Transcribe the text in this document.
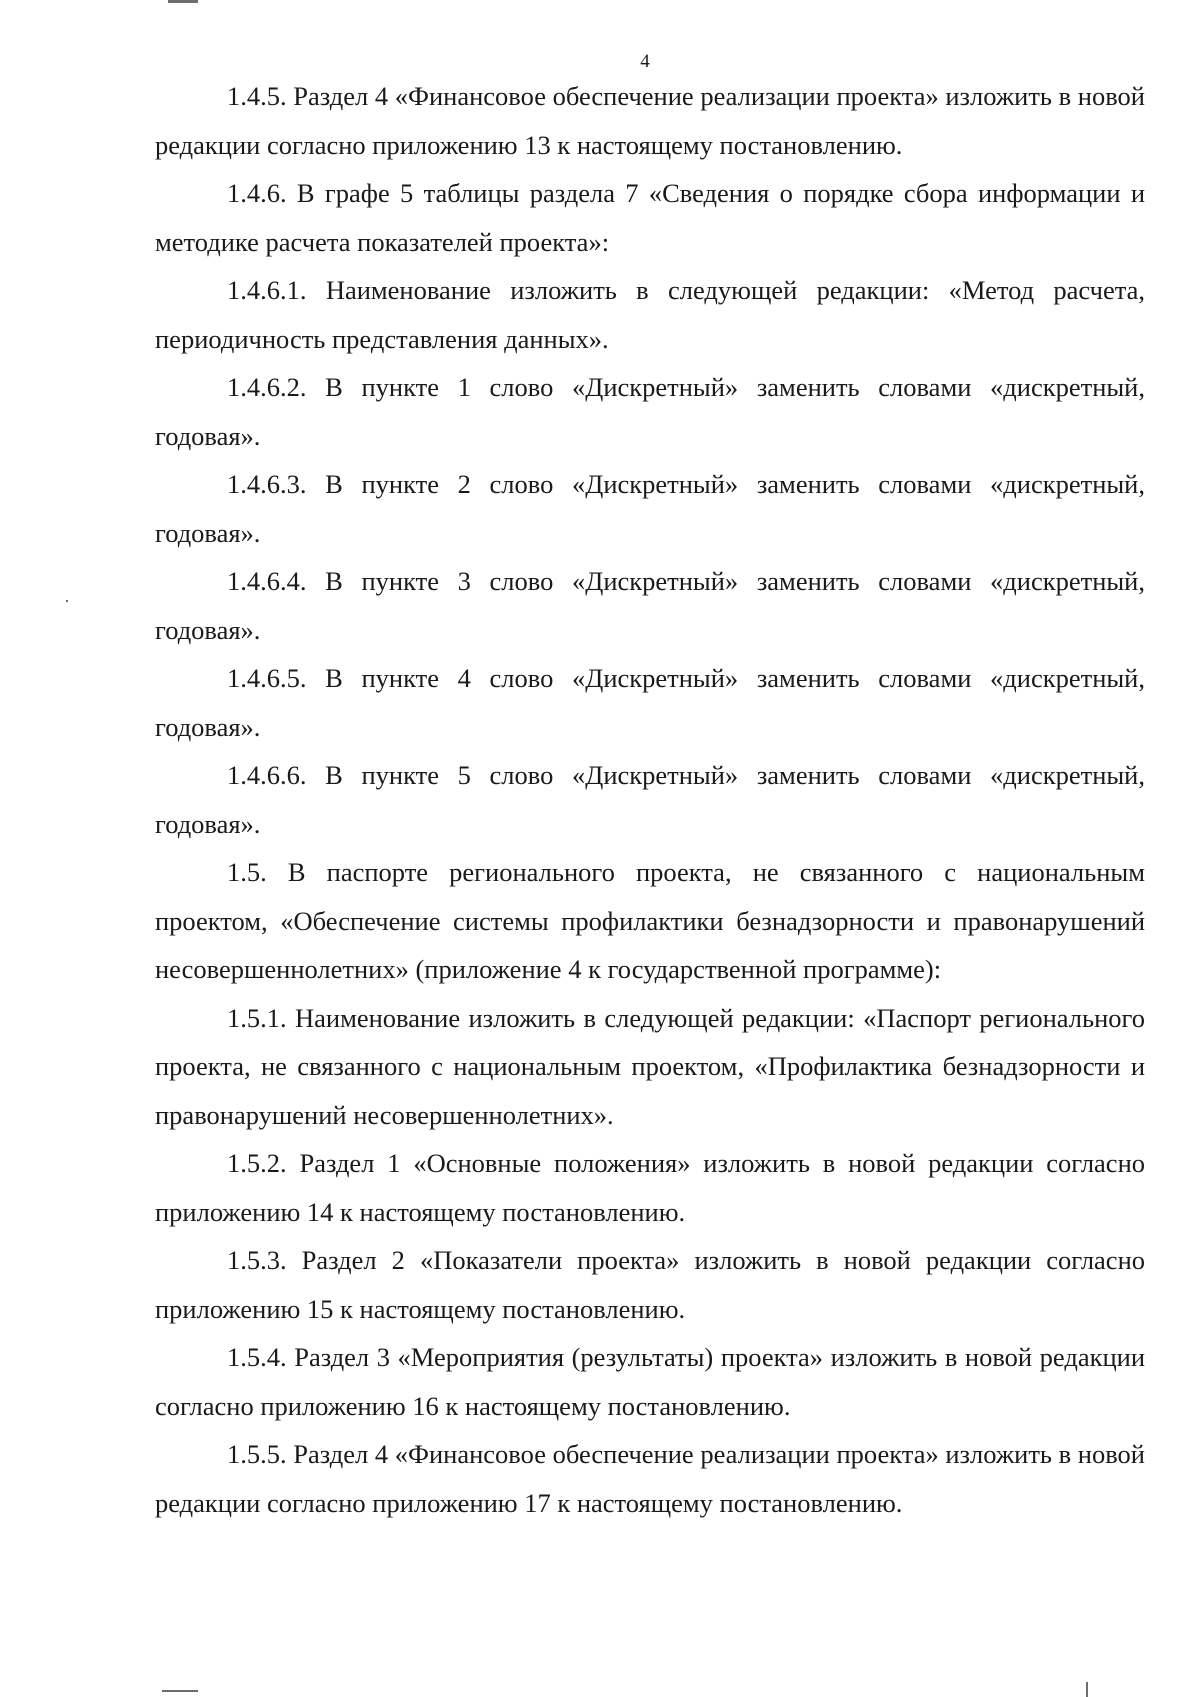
4

1.4.5. Раздел 4 «Финансовое обеспечение реализации проекта» изложить в новой редакции согласно приложению 13 к настоящему постановлению.

1.4.6. В графе 5 таблицы раздела 7 «Сведения о порядке сбора информации и методике расчета показателей проекта»:

1.4.6.1. Наименование изложить в следующей редакции: «Метод расчета, периодичность представления данных».

1.4.6.2. В пункте 1 слово «Дискретный» заменить словами «дискретный, годовая».

1.4.6.3. В пункте 2 слово «Дискретный» заменить словами «дискретный, годовая».

1.4.6.4. В пункте 3 слово «Дискретный» заменить словами «дискретный, годовая».

1.4.6.5. В пункте 4 слово «Дискретный» заменить словами «дискретный, годовая».

1.4.6.6. В пункте 5 слово «Дискретный» заменить словами «дискретный, годовая».

1.5. В паспорте регионального проекта, не связанного с национальным проектом, «Обеспечение системы профилактики безнадзорности и правонарушений несовершеннолетних» (приложение 4 к государственной программе):

1.5.1. Наименование изложить в следующей редакции: «Паспорт регионального проекта, не связанного с национальным проектом, «Профилактика безнадзорности и правонарушений несовершеннолетних».

1.5.2. Раздел 1 «Основные положения» изложить в новой редакции согласно приложению 14 к настоящему постановлению.

1.5.3. Раздел 2 «Показатели проекта» изложить в новой редакции согласно приложению 15 к настоящему постановлению.

1.5.4. Раздел 3 «Мероприятия (результаты) проекта» изложить в новой редакции согласно приложению 16 к настоящему постановлению.

1.5.5. Раздел 4 «Финансовое обеспечение реализации проекта» изложить в новой редакции согласно приложению 17 к настоящему постановлению.
